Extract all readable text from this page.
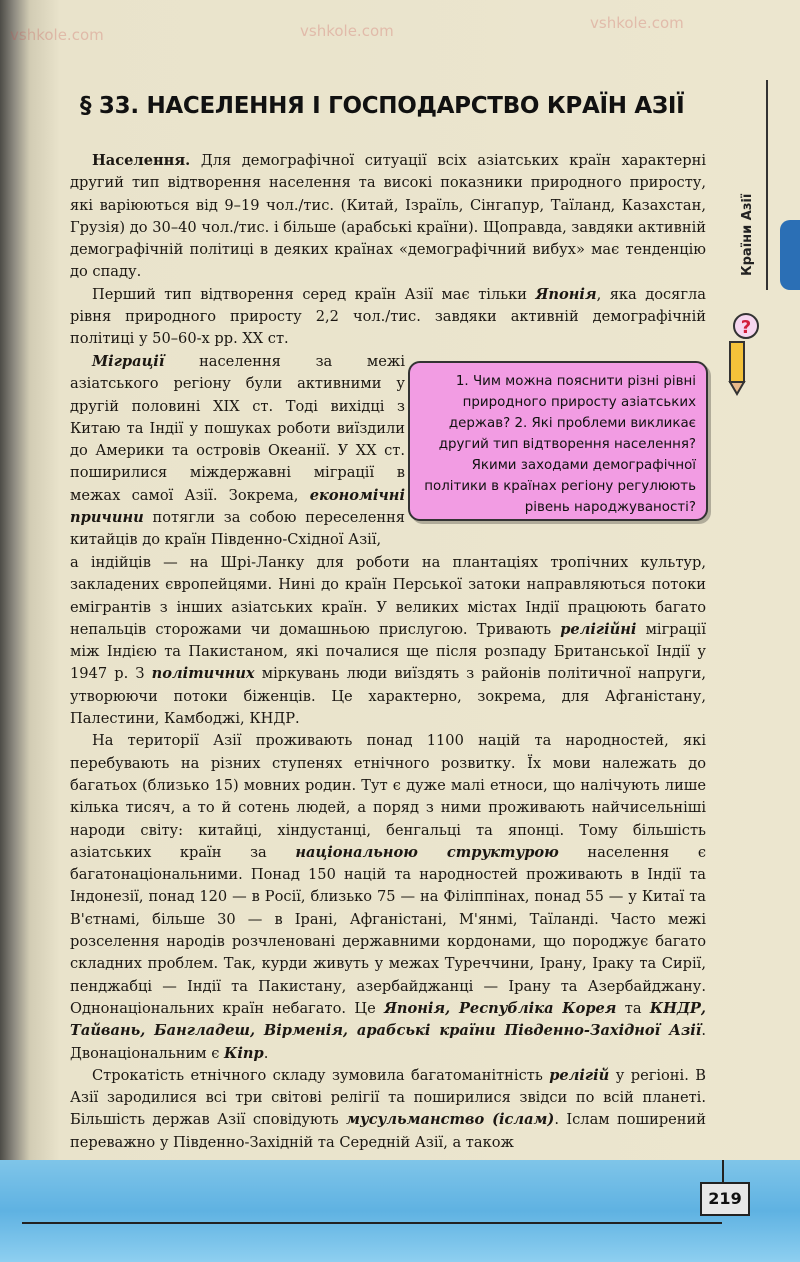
vshkole.com	vshkole.com	vshkole.com
Країни Азії
§ 33. НАСЕЛЕННЯ І ГОСПОДАРСТВО КРАЇН АЗІЇ

Населення. Для демографічної ситуації всіх азіатських країн характерні другий тип відтворення населення та високі показники природного приросту, які варіюються від 9–19 чол./тис. (Китай, Ізраїль, Сінгапур, Таїланд, Казахстан, Грузія) до 30–40 чол./тис. і більше (арабські країни). Щоправда, завдяки активній демографічній політиці в деяких країнах «демографічний вибух» має тенденцію до спаду.

Перший тип відтворення серед країн Азії має тільки Японія, яка досягла рівня природного приросту 2,2 чол./тис. завдяки активній демографічній політиці у 50–60-х рр. XX ст.

Міграції населення за межі азіатського регіону були активними у другій половині XIX ст. Тоді вихідці з Китаю та Індії у пошуках роботи виїздили до Америки та островів Океанії. У XX ст. поширилися міждержавні міграції в межах самої Азії. Зокрема, економічні причини потягли за собою переселення китайців до країн Південно-Східної Азії,

?
1. Чим можна пояснити різні рівні природного приросту азіатських держав? 2. Які проблеми викликає другий тип відтворення населення? Якими заходами демографічної політики в країнах регіону регулюють рівень народжуваності?

а індійців — на Шрі-Ланку для роботи на плантаціях тропічних культур, закладених європейцями. Нині до країн Перської затоки направляються потоки емігрантів з інших азіатських країн. У великих містах Індії працюють багато непальців сторожами чи домашньою прислугою. Тривають релігійні міграції між Індією та Пакистаном, які почалися ще після розпаду Британської Індії у 1947 р. З політичних міркувань люди виїздять з районів політичної напруги, утворюючи потоки біженців. Це характерно, зокрема, для Афганістану, Палестини, Камбоджі, КНДР.

На території Азії проживають понад 1100 націй та народностей, які перебувають на різних ступенях етнічного розвитку. Їх мови належать до багатьох (близько 15) мовних родин. Тут є дуже малі етноси, що налічують лише кілька тисяч, а то й сотень людей, а поряд з ними проживають найчисельніші народи світу: китайці, хіндустанці, бенгальці та японці. Тому більшість азіатських країн за національною структурою населення є багатонаціональними. Понад 150 націй та народностей проживають в Індії та Індонезії, понад 120 — в Росії, близько 75 — на Філіппінах, понад 55 — у Китаї та В'єтнамі, більше 30 — в Ірані, Афганістані, М'янмі, Таїланді. Часто межі розселення народів розчленовані державними кордонами, що породжує багато складних проблем. Так, курди живуть у межах Туреччини, Ірану, Іраку та Сирії, пенджабці — Індії та Пакистану, азербайджанці — Ірану та Азербайджану. Однонаціональних країн небагато. Це Японія, Республіка Корея та КНДР, Тайвань, Бангладеш, Вірменія, арабські країни Південно-Західної Азії. Двонаціональним є Кіпр.

Строкатість етнічного складу зумовила багатоманітність релігій у регіоні. В Азії зародилися всі три світові релігії та поширилися звідси по всій планеті. Більшість держав Азії сповідують мусульманство (іслам). Іслам поширений переважно у Південно-Західній та Середній Азії, а також

219
